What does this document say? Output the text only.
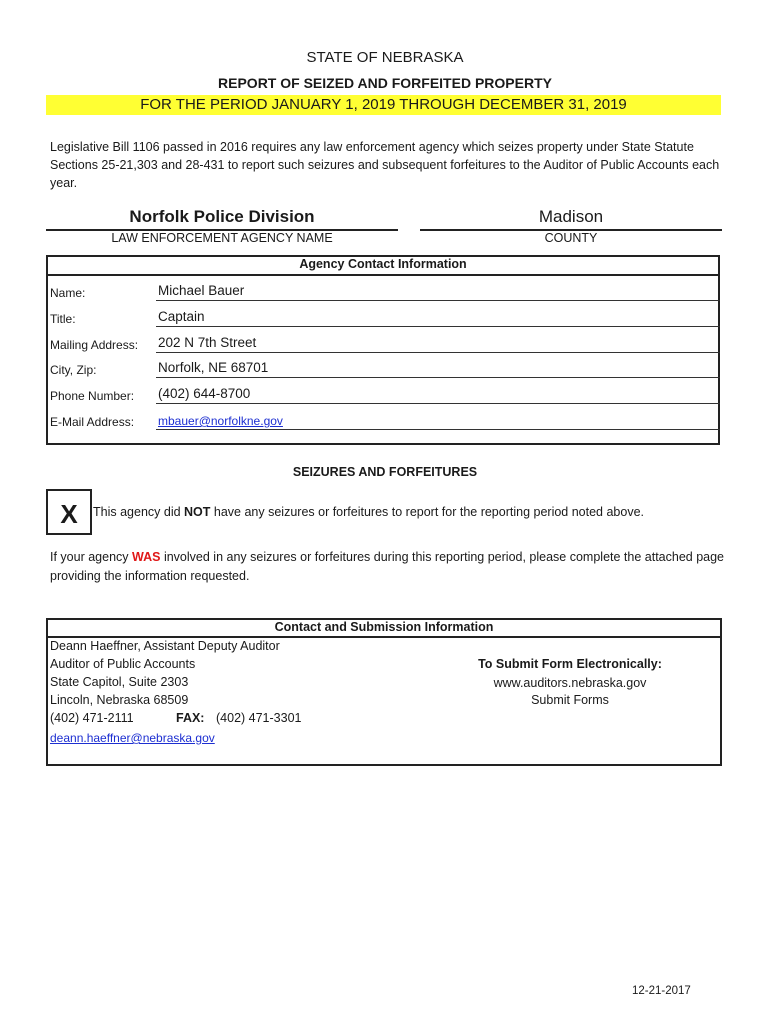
STATE OF NEBRASKA
REPORT OF SEIZED AND FORFEITED PROPERTY
FOR THE PERIOD JANUARY 1, 2019 THROUGH DECEMBER 31, 2019
Legislative Bill 1106 passed in 2016 requires any law enforcement agency which seizes property under State Statute Sections 25-21,303 and 28-431 to report such seizures and subsequent forfeitures to the Auditor of Public Accounts each year.
Norfolk Police Division
LAW ENFORCEMENT AGENCY NAME
Madison
COUNTY
Agency Contact Information
Name:	Michael Bauer
Title:	Captain
Mailing Address: 202 N 7th Street
City, Zip:	Norfolk, NE 68701
Phone Number: (402) 644-8700
E-Mail Address: mbauer@norfolkne.gov
SEIZURES AND FORFEITURES
X	This agency did NOT have any seizures or forfeitures to report for the reporting period noted above.
If your agency WAS involved in any seizures or forfeitures during this reporting period, please complete the attached page providing the information requested.
Contact and Submission Information
Deann Haeffner, Assistant Deputy Auditor
Auditor of Public Accounts
State Capitol, Suite 2303
Lincoln, Nebraska 68509
(402) 471-2111	FAX: (402) 471-3301
deann.haeffner@nebraska.gov
To Submit Form Electronically:
www.auditors.nebraska.gov
Submit Forms
12-21-2017
